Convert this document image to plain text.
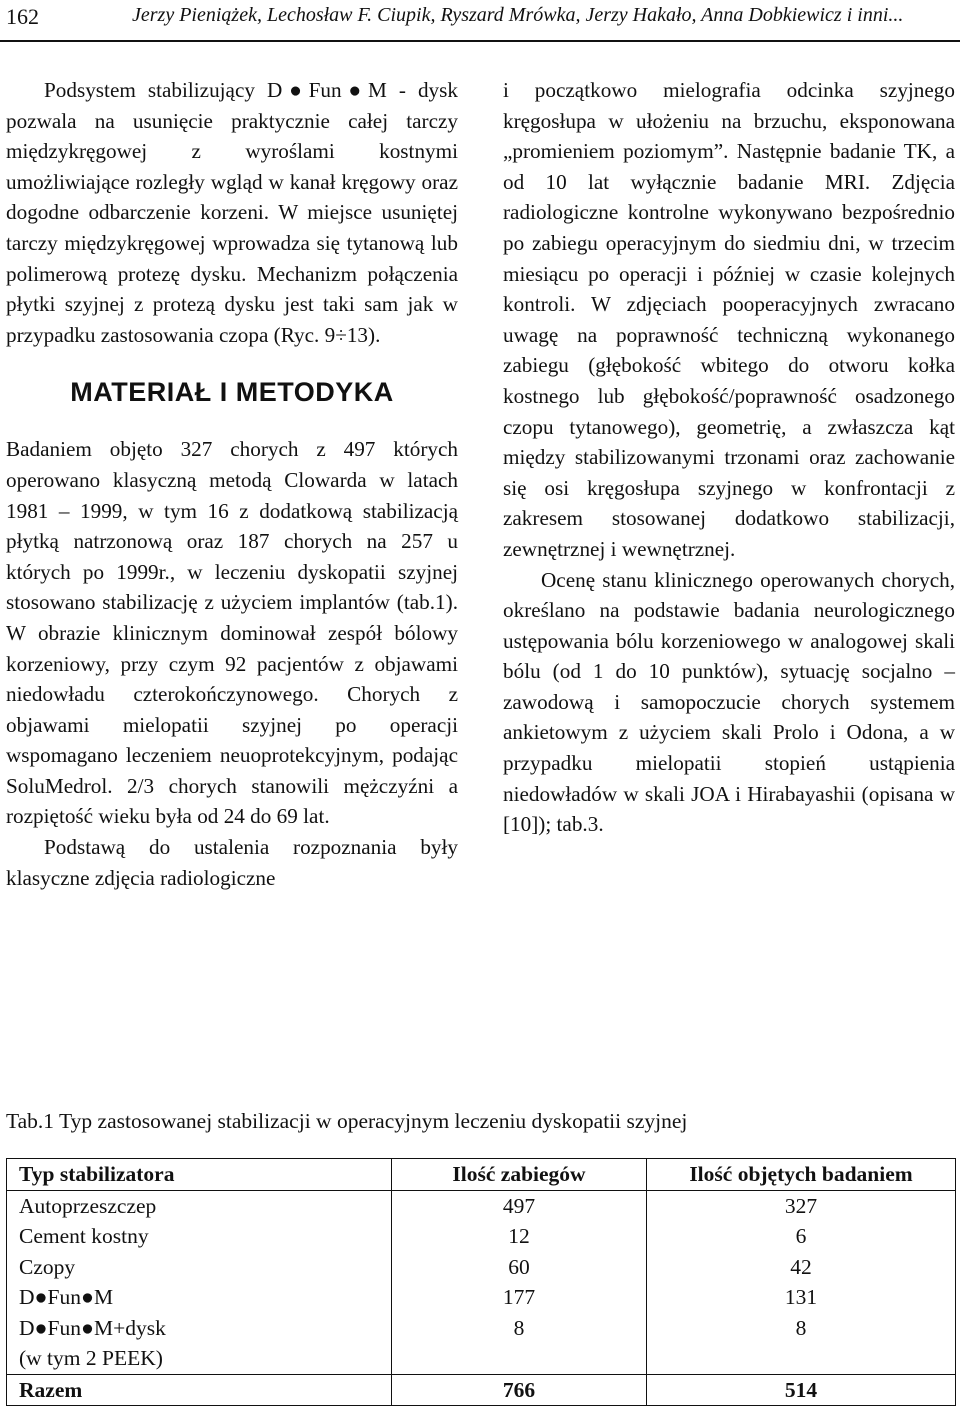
162	Jerzy Pieniążek, Lechosław F. Ciupik, Ryszard Mrówka, Jerzy Hakało, Anna Dobkiewicz i inni...

Podsystem stabilizujący D●Fun●M - dysk pozwala na usunięcie praktycznie całej tarczy międzykręgowej z wyroślami kostnymi umożliwiające rozległy wgląd w kanał kręgowy oraz dogodne odbarczenie korzeni. W miejsce usuniętej tarczy międzykręgowej wprowadza się tytanową lub polimerową protezę dysku. Mechanizm połączenia płytki szyjnej z protezą dysku jest taki sam jak w przypadku zastosowania czopa (Ryc. 9÷13).

MATERIAŁ I METODYKA

Badaniem objęto 327 chorych z 497 których operowano klasyczną metodą Clowarda w latach 1981 – 1999, w tym 16 z dodatkową stabilizacją płytką natrzonową oraz 187 chorych na 257 u których po 1999r., w leczeniu dyskopatii szyjnej stosowano stabilizację z użyciem implantów (tab.1). W obrazie klinicznym dominował zespół bólowy korzeniowy, przy czym 92 pacjentów z objawami niedowładu czterokończynowego. Chorych z objawami mielopatii szyjnej po operacji wspomagano leczeniem neuoprotekcyjnym, podając SoluMedrol. 2/3 chorych stanowili mężczyźni a rozpiętość wieku była od 24 do 69 lat.

Podstawą do ustalenia rozpoznania były klasyczne zdjęcia radiologiczne

i początkowo mielografia odcinka szyjnego kręgosłupa w ułożeniu na brzuchu, eksponowana „promieniem poziomym”. Następnie badanie TK, a od 10 lat wyłącznie badanie MRI. Zdjęcia radiologiczne kontrolne wykonywano bezpośrednio po zabiegu operacyjnym do siedmiu dni, w trzecim miesiącu po operacji i później w czasie kolejnych kontroli. W zdjęciach pooperacyjnych zwracano uwagę na poprawność techniczną wykonanego zabiegu (głębokość wbitego do otworu kołka kostnego lub głębokość/poprawność osadzonego czopu tytanowego), geometrię, a zwłaszcza kąt między stabilizowanymi trzonami oraz zachowanie się osi kręgosłupa szyjnego w konfrontacji z zakresem stosowanej dodatkowo stabilizacji, zewnętrznej i wewnętrznej.

Ocenę stanu klinicznego operowanych chorych, określano na podstawie badania neurologicznego ustępowania bólu korzeniowego w analogowej skali bólu (od 1 do 10 punktów), sytuację socjalno – zawodową i samopoczucie chorych systemem ankietowym z użyciem skali Prolo i Odona, a w przypadku mielopatii stopień ustąpienia niedowładów w skali JOA i Hirabayashii (opisana w [10]); tab.3.

Tab.1 Typ zastosowanej stabilizacji w operacyjnym leczeniu dyskopatii szyjnej
Typ stabilizatora	Ilość zabiegów	Ilość objętych badaniem
Autoprzeszczep	497	327
Cement kostny	12	6
Czopy	60	42
D●Fun●M	177	131
D●Fun●M+dysk	8	8
(w tym 2 PEEK)		
Razem	766	514
